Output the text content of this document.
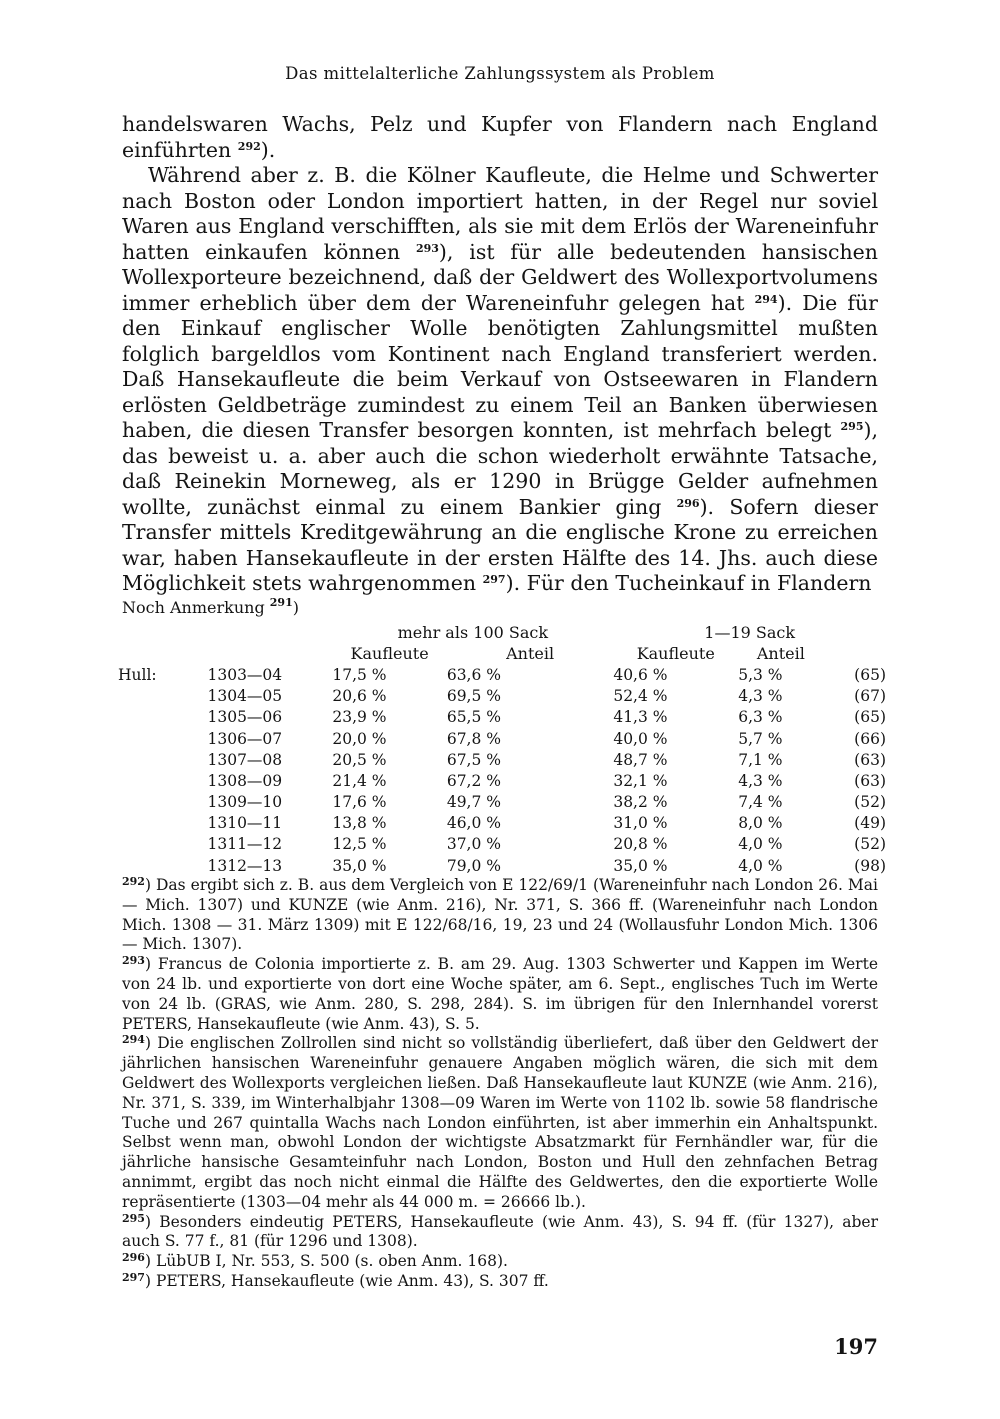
Das mittelalterliche Zahlungssystem als Problem

handelswaren Wachs, Pelz und Kupfer von Flandern nach England einführten $^{292}$).

Während aber z. B. die Kölner Kaufleute, die Helme und Schwerter nach Boston oder London importiert hatten, in der Regel nur soviel Waren aus England verschifften, als sie mit dem Erlös der Wareneinfuhr hatten einkaufen können $^{293}$), ist für alle bedeutenden hansischen Wollexporteure bezeichnend, daß der Geldwert des Wollexportvolumens immer erheblich über dem der Wareneinfuhr gelegen hat $^{294}$). Die für den Einkauf englischer Wolle benötigten Zahlungsmittel mußten folglich bargeldlos vom Kontinent nach England transferiert werden. Daß Hansekaufleute die beim Verkauf von Ostseewaren in Flandern erlösten Geldbeträge zumindest zu einem Teil an Banken überwiesen haben, die diesen Transfer besorgen konnten, ist mehrfach belegt $^{295}$), das beweist u. a. aber auch die schon wiederholt erwähnte Tatsache, daß Reinekin Morneweg, als er 1290 in Brügge Gelder aufnehmen wollte, zunächst einmal zu einem Bankier ging $^{296}$). Sofern dieser Transfer mittels Kreditgewährung an die englische Krone zu erreichen war, haben Hansekaufleute in der ersten Hälfte des 14. Jhs. auch diese Möglichkeit stets wahrgenommen $^{297}$). Für den Tucheinkauf in Flandern

Noch Anmerkung $^{291}$)
		mehr als 100 Sack		1—19 Sack		
		Kaufleute	Anteil	Kaufleute	Anteil	
Hull:	1303—04	17,5 %	63,6 %	40,6 %	5,3 %	(65)
	1304—05	20,6 %	69,5 %	52,4 %	4,3 %	(67)
	1305—06	23,9 %	65,5 %	41,3 %	6,3 %	(65)
	1306—07	20,0 %	67,8 %	40,0 %	5,7 %	(66)
	1307—08	20,5 %	67,5 %	48,7 %	7,1 %	(63)
	1308—09	21,4 %	67,2 %	32,1 %	4,3 %	(63)
	1309—10	17,6 %	49,7 %	38,2 %	7,4 %	(52)
	1310—11	13,8 %	46,0 %	31,0 %	8,0 %	(49)
	1311—12	12,5 %	37,0 %	20,8 %	4,0 %	(52)
	1312—13	35,0 %	79,0 %	35,0 %	4,0 %	(98)

$^{292}$) Das ergibt sich z. B. aus dem Vergleich von E 122/69/1 (Wareneinfuhr nach London 26. Mai — Mich. 1307) und KUNZE (wie Anm. 216), Nr. 371, S. 366 ff. (Wareneinfuhr nach London Mich. 1308 — 31. März 1309) mit E 122/68/16, 19, 23 und 24 (Wollausfuhr London Mich. 1306 — Mich. 1307).

$^{293}$) Francus de Colonia importierte z. B. am 29. Aug. 1303 Schwerter und Kappen im Werte von 24 lb. und exportierte von dort eine Woche später, am 6. Sept., englisches Tuch im Werte von 24 lb. (GRAS, wie Anm. 280, S. 298, 284). S. im übrigen für den Inlernhandel vorerst PETERS, Hansekaufleute (wie Anm. 43), S. 5.

$^{294}$) Die englischen Zollrollen sind nicht so vollständig überliefert, daß über den Geldwert der jährlichen hansischen Wareneinfuhr genauere Angaben möglich wären, die sich mit dem Geldwert des Wollexports vergleichen ließen. Daß Hansekaufleute laut KUNZE (wie Anm. 216), Nr. 371, S. 339, im Winterhalbjahr 1308—09 Waren im Werte von 1102 lb. sowie 58 flandrische Tuche und 267 quintalla Wachs nach London einführten, ist aber immerhin ein Anhaltspunkt. Selbst wenn man, obwohl London der wichtigste Absatzmarkt für Fernhändler war, für die jährliche hansische Gesamteinfuhr nach London, Boston und Hull den zehnfachen Betrag annimmt, ergibt das noch nicht einmal die Hälfte des Geldwertes, den die exportierte Wolle repräsentierte (1303—04 mehr als 44 000 m. = 26666 lb.).

$^{295}$) Besonders eindeutig PETERS, Hansekaufleute (wie Anm. 43), S. 94 ff. (für 1327), aber auch S. 77 f., 81 (für 1296 und 1308).

$^{296}$) LübUB I, Nr. 553, S. 500 (s. oben Anm. 168).

$^{297}$) PETERS, Hansekaufleute (wie Anm. 43), S. 307 ff.

197
